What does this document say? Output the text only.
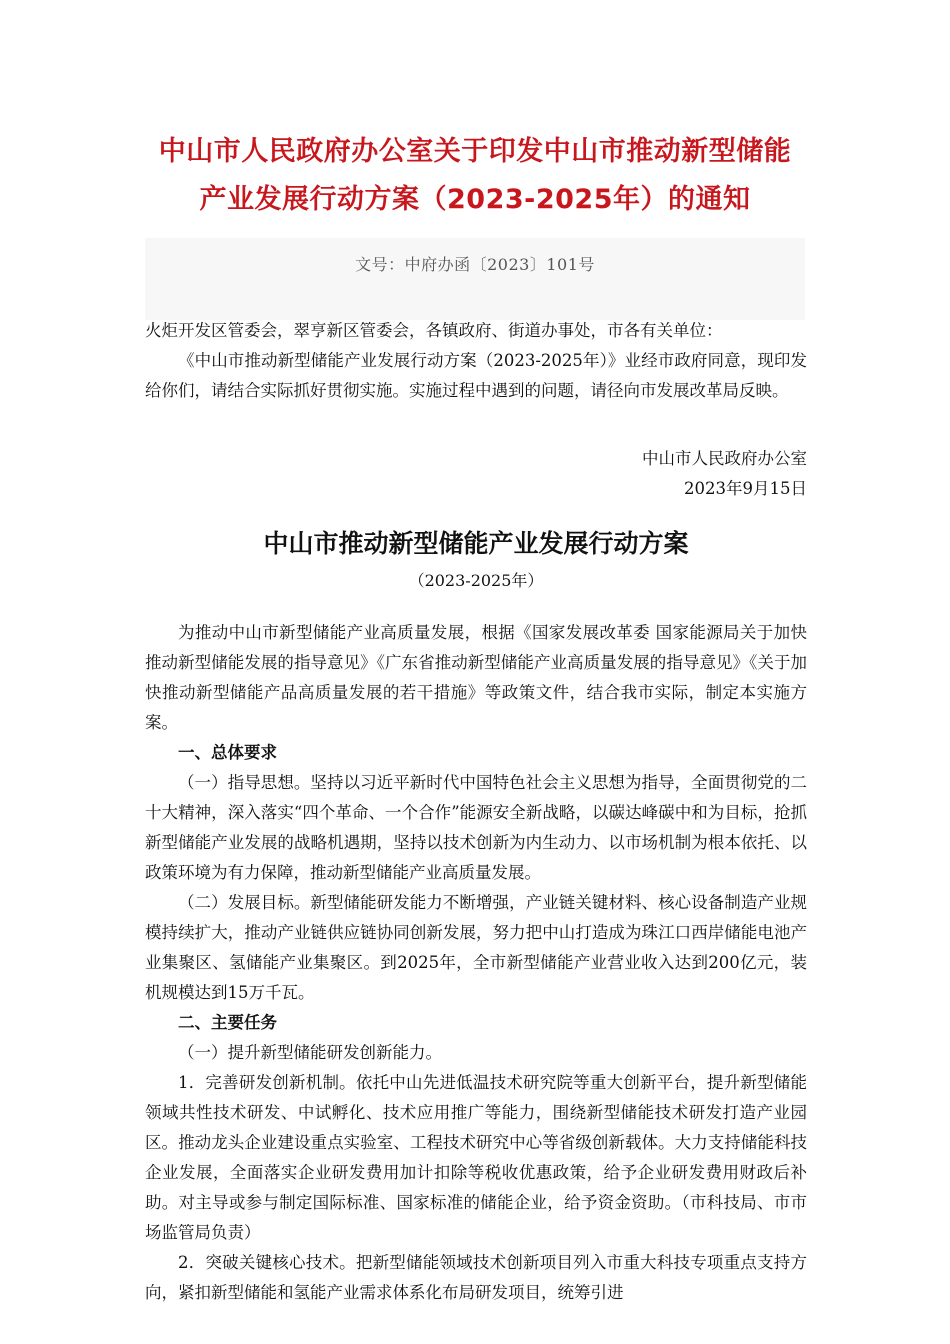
中山市人民政府办公室关于印发中山市推动新型储能
产业发展行动方案（2023-2025年）的通知
文号：中府办函〔2023〕101号

火炬开发区管委会，翠亨新区管委会，各镇政府、街道办事处，市各有关单位：

《中山市推动新型储能产业发展行动方案（2023-2025年）》业经市政府同意，现印发给你们，请结合实际抓好贯彻实施。实施过程中遇到的问题，请径向市发展改革局反映。

中山市人民政府办公室

2023年9月15日

中山市推动新型储能产业发展行动方案
（2023-2025年）

为推动中山市新型储能产业高质量发展，根据《国家发展改革委 国家能源局关于加快推动新型储能发展的指导意见》《广东省推动新型储能产业高质量发展的指导意见》《关于加快推动新型储能产品高质量发展的若干措施》等政策文件，结合我市实际，制定本实施方案。

一、总体要求

（一）指导思想。坚持以习近平新时代中国特色社会主义思想为指导，全面贯彻党的二十大精神，深入落实“四个革命、一个合作”能源安全新战略，以碳达峰碳中和为目标，抢抓新型储能产业发展的战略机遇期，坚持以技术创新为内生动力、以市场机制为根本依托、以政策环境为有力保障，推动新型储能产业高质量发展。

（二）发展目标。新型储能研发能力不断增强，产业链关键材料、核心设备制造产业规模持续扩大，推动产业链供应链协同创新发展，努力把中山打造成为珠江口西岸储能电池产业集聚区、氢储能产业集聚区。到2025年，全市新型储能产业营业收入达到200亿元，装机规模达到15万千瓦。

二、主要任务

（一）提升新型储能研发创新能力。

1．完善研发创新机制。依托中山先进低温技术研究院等重大创新平台，提升新型储能领域共性技术研发、中试孵化、技术应用推广等能力，围绕新型储能技术研发打造产业园区。推动龙头企业建设重点实验室、工程技术研究中心等省级创新载体。大力支持储能科技企业发展，全面落实企业研发费用加计扣除等税收优惠政策，给予企业研发费用财政后补助。对主导或参与制定国际标准、国家标准的储能企业，给予资金资助。（市科技局、市市场监管局负责）

2．突破关键核心技术。把新型储能领域技术创新项目列入市重大科技专项重点支持方向，紧扣新型储能和氢能产业需求体系化布局研发项目，统筹引进
